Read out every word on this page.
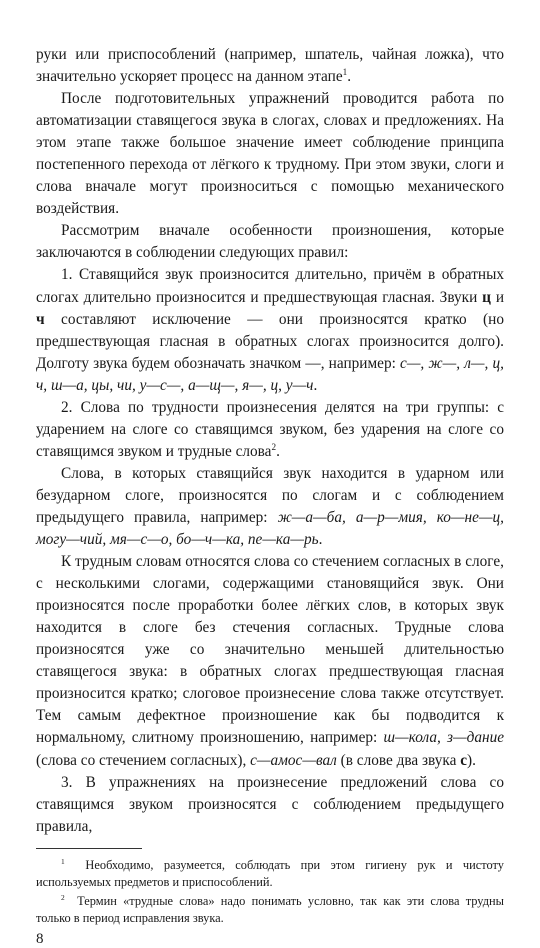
руки или приспособлений (например, шпатель, чайная ложка), что значительно ускоряет процесс на данном этапе$^1$.

После подготовительных упражнений проводится работа по автоматизации ставящегося звука в слогах, словах и предложениях. На этом этапе также большое значение имеет соблюдение принципа постепенного перехода от лёгкого к трудному. При этом звуки, слоги и слова вначале могут произноситься с помощью механического воздействия.

Рассмотрим вначале особенности произношения, которые заключаются в соблюдении следующих правил:

1. Ставящийся звук произносится длительно, причём в обратных слогах длительно произносится и предшествующая гласная. Звуки ц и ч составляют исключение — они произносятся кратко (но предшествующая гласная в обратных слогах произносится долго). Долготу звука будем обозначать значком —, например: с—, ж—, л—, ц, ч, ш—а, цы, чи, у—с—, а—щ—, я—, ц, у—ч.

2. Слова по трудности произнесения делятся на три группы: с ударением на слоге со ставящимся звуком, без ударения на слоге со ставящимся звуком и трудные слова$^2$.

Слова, в которых ставящийся звук находится в ударном или безударном слоге, произносятся по слогам и с соблюдением предыдущего правила, например: ж—а—ба, а—р—мия, ко—не—ц, могу—чий, мя—с—о, бо—ч—ка, пе—ка—рь.

К трудным словам относятся слова со стечением согласных в слоге, с несколькими слогами, содержащими становящийся звук. Они произносятся после проработки более лёгких слов, в которых звук находится в слоге без стечения согласных. Трудные слова произносятся уже со значительно меньшей длительностью ставящегося звука: в обратных слогах предшествующая гласная произносится кратко; слоговое произнесение слова также отсутствует. Тем самым дефектное произношение как бы подводится к нормальному, слитному произношению, например: ш—кола, з—дание (слова со стечением согласных), с—амос—вал (в слове два звука с).

3. В упражнениях на произнесение предложений слова со ставящимся звуком произносятся с соблюдением предыдущего правила,

$^1$ Необходимо, разумеется, соблюдать при этом гигиену рук и чистоту используемых предметов и приспособлений.

$^2$ Термин «трудные слова» надо понимать условно, так как эти слова трудны только в период исправления звука.

8
